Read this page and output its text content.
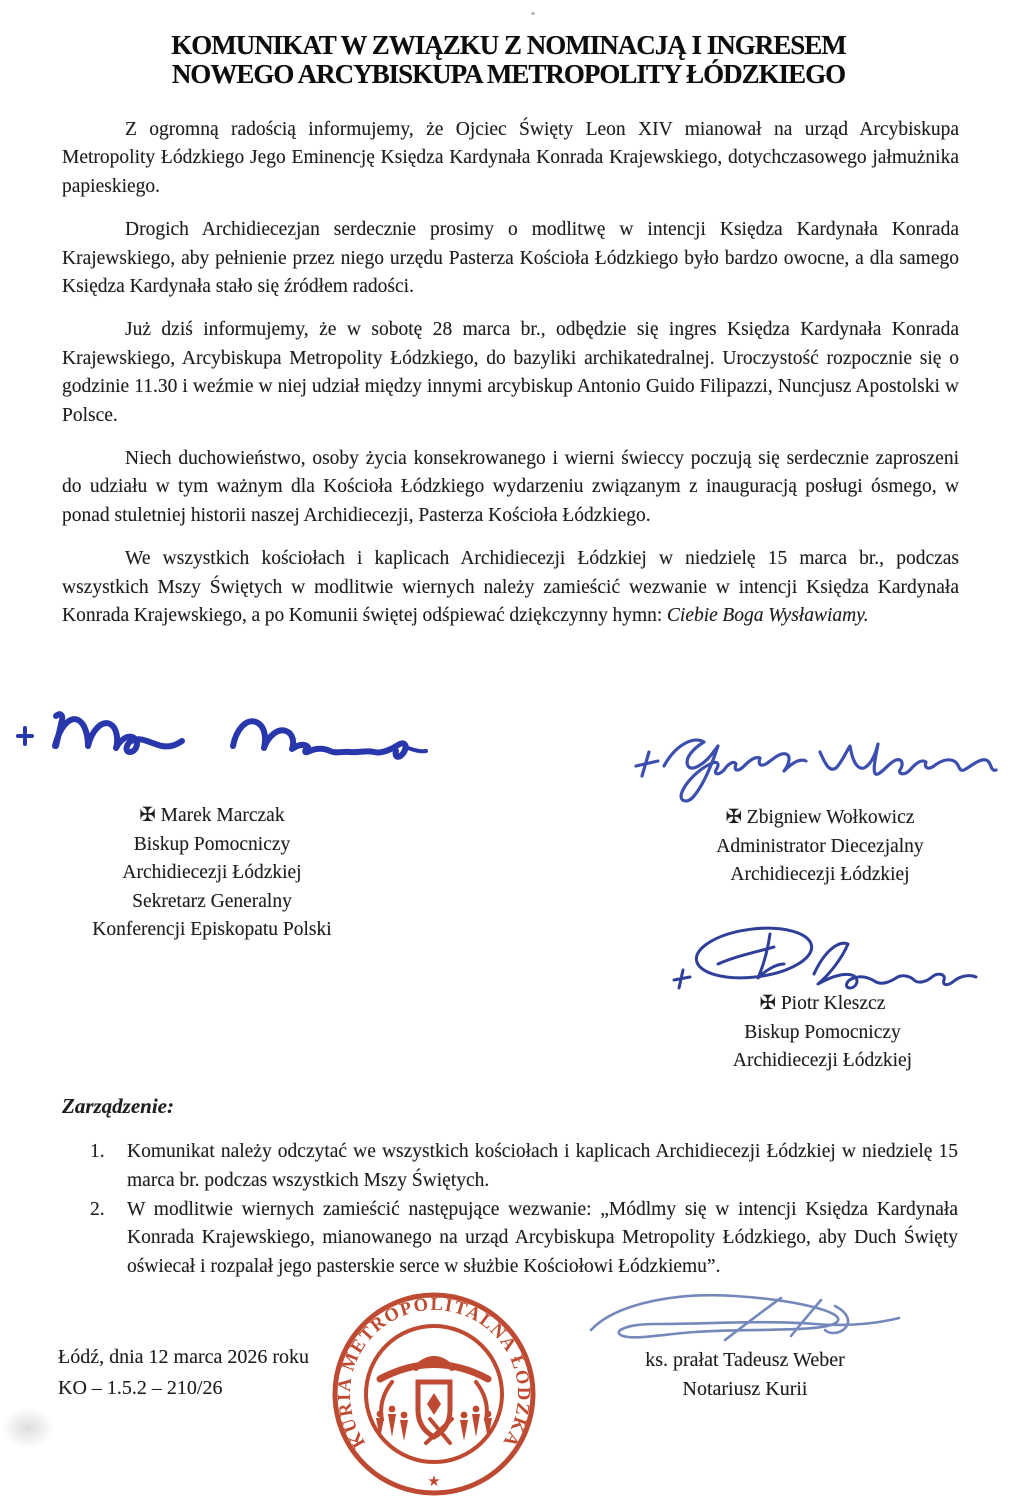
KOMUNIKAT W ZWIĄZKU Z NOMINACJĄ I INGRESEM
NOWEGO ARCYBISKUPA METROPOLITY ŁÓDZKIEGO

Z ogromną radością informujemy, że Ojciec Święty Leon XIV mianował na urząd Arcybiskupa Metropolity Łódzkiego Jego Eminencję Księdza Kardynała Konrada Krajewskiego, dotychczasowego jałmużnika papieskiego.

Drogich Archidiecezjan serdecznie prosimy o modlitwę w intencji Księdza Kardynała Konrada Krajewskiego, aby pełnienie przez niego urzędu Pasterza Kościoła Łódzkiego było bardzo owocne, a dla samego Księdza Kardynała stało się źródłem radości.

Już dziś informujemy, że w sobotę 28 marca br., odbędzie się ingres Księdza Kardynała Konrada Krajewskiego, Arcybiskupa Metropolity Łódzkiego, do bazyliki archikatedralnej. Uroczystość rozpocznie się o godzinie 11.30 i weźmie w niej udział między innymi arcybiskup Antonio Guido Filipazzi, Nuncjusz Apostolski w Polsce.

Niech duchowieństwo, osoby życia konsekrowanego i wierni świeccy poczują się serdecznie zaproszeni do udziału w tym ważnym dla Kościoła Łódzkiego wydarzeniu związanym z inauguracją posługi ósmego, w ponad stuletniej historii naszej Archidiecezji, Pasterza Kościoła Łódzkiego.

We wszystkich kościołach i kaplicach Archidiecezji Łódzkiej w niedzielę 15 marca br., podczas wszystkich Mszy Świętych w modlitwie wiernych należy zamieścić wezwanie w intencji Księdza Kardynała Konrada Krajewskiego, a po Komunii świętej odśpiewać dziękczynny hymn: Ciebie Boga Wysławiamy.

✠ Marek Marczak
Biskup Pomocniczy
Archidiecezji Łódzkiej
Sekretarz Generalny
Konferencji Episkopatu Polski
✠ Zbigniew Wołkowicz
Administrator Diecezjalny
Archidiecezji Łódzkiej
✠ Piotr Kleszcz
Biskup Pomocniczy
Archidiecezji Łódzkiej
Zarządzenie:
1. Komunikat należy odczytać we wszystkich kościołach i kaplicach Archidiecezji Łódzkiej w niedzielę 15 marca br. podczas wszystkich Mszy Świętych.
2. W modlitwie wiernych zamieścić następujące wezwanie: „Módlmy się w intencji Księdza Kardynała Konrada Krajewskiego, mianowanego na urząd Arcybiskupa Metropolity Łódzkiego, aby Duch Święty oświecał i rozpalał jego pasterskie serce w służbie Kościołowi Łódzkiemu”.
Łódź, dnia 12 marca 2026 roku
KO – 1.5.2 – 210/26
KURIA METROPOLITALNA ŁÓDZKA
★
ks. prałat Tadeusz Weber
Notariusz Kurii
